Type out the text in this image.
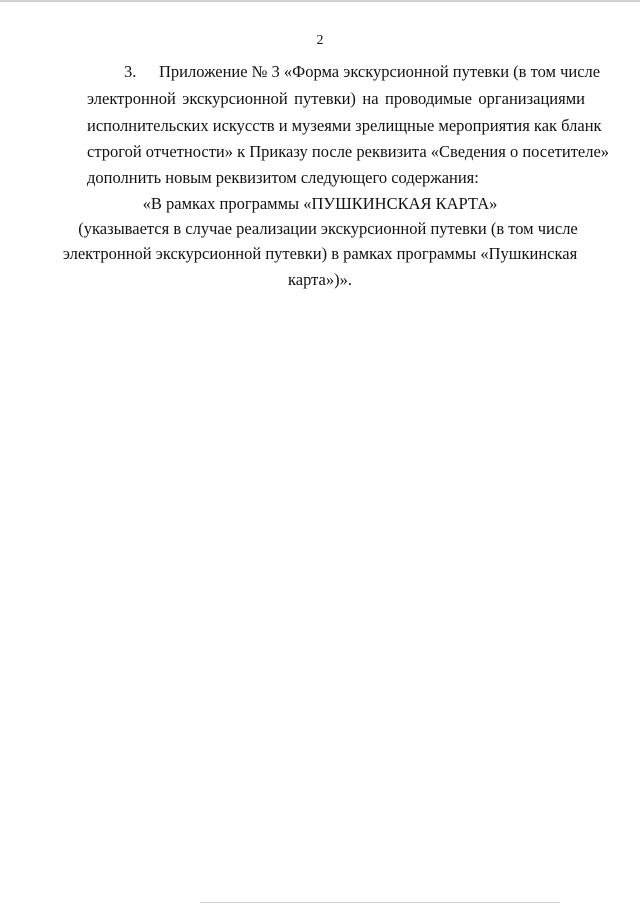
2
3. Приложение № 3 «Форма экскурсионной путевки (в том числе
электронной экскурсионной путевки) на проводимые организациями
исполнительских искусств и музеями зрелищные мероприятия как бланк
строгой отчетности» к Приказу после реквизита «Сведения о посетителе»
дополнить новым реквизитом следующего содержания:
«В рамках программы «ПУШКИНСКАЯ КАРТА»
(указывается в случае реализации экскурсионной путевки (в том числе
электронной экскурсионной путевки) в рамках программы «Пушкинская
карта»)».
